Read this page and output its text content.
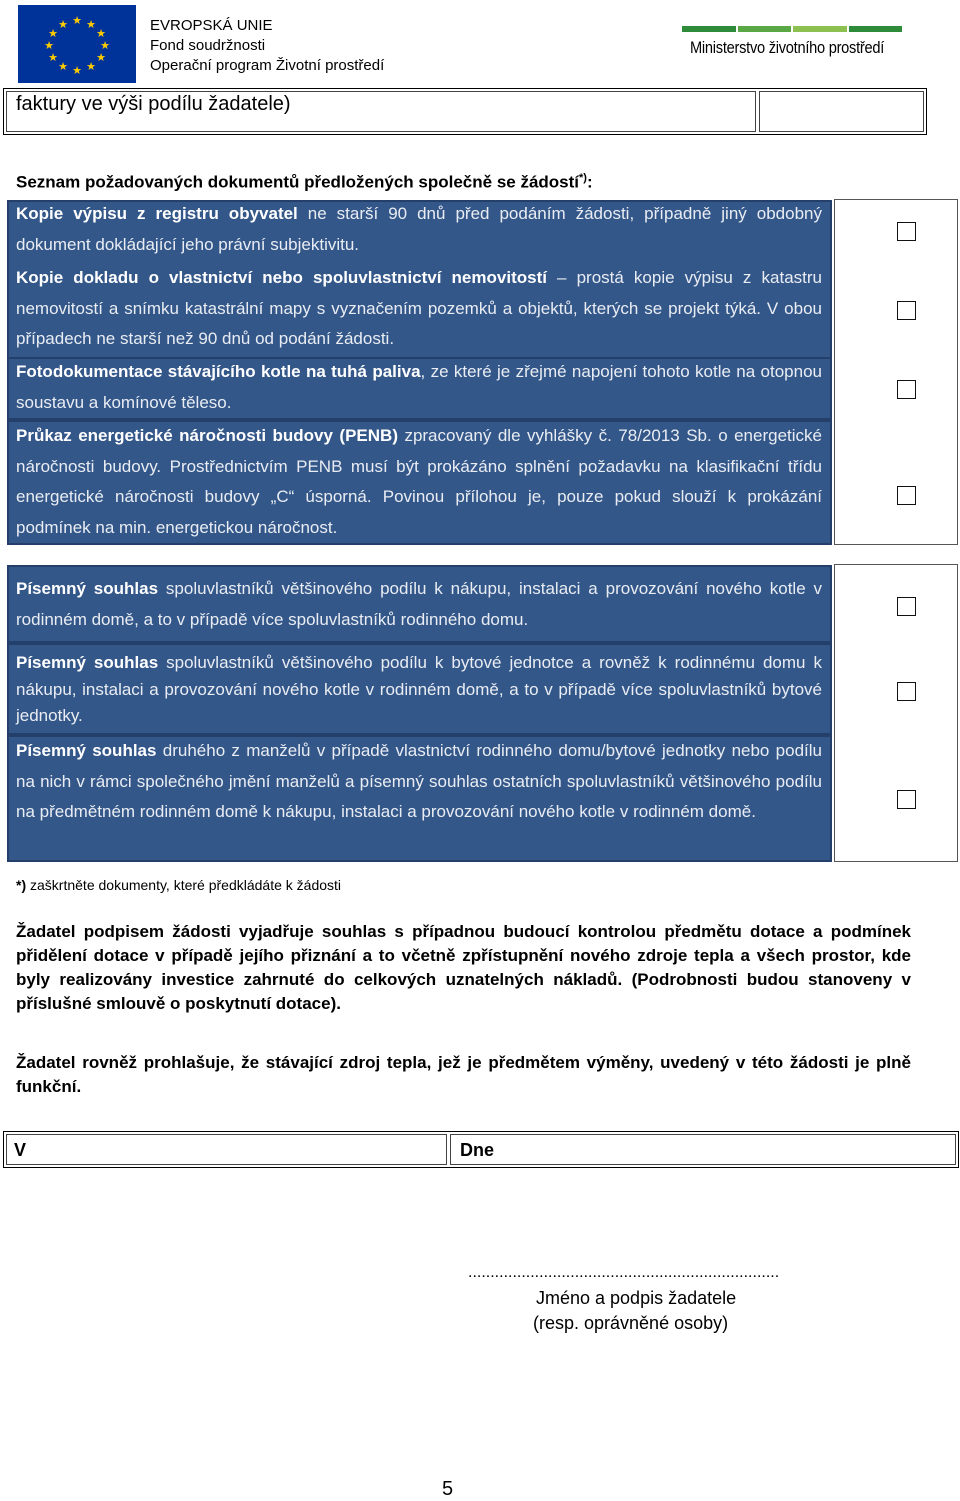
★ ★
★
★
★
★
★
★
★
★
★
★	EVROPSKÁ UNIE
Fond soudržnosti
Operační program Životní prostředí
Ministerstvo životního prostředí
faktury ve výši podílu žadatele)
Seznam požadovaných dokumentů předložených společně se žádostí*):
Kopie výpisu z registru obyvatel ne starší 90 dnů před podáním žádosti, případně jiný obdobný dokument dokládající jeho právní subjektivitu.
Kopie dokladu o vlastnictví nebo spoluvlastnictví nemovitostí – prostá kopie výpisu z katastru nemovitostí a snímku katastrální mapy s vyznačením pozemků a objektů, kterých se projekt týká. V obou případech ne starší než 90 dnů od podání žádosti.
Fotodokumentace stávajícího kotle na tuhá paliva, ze které je zřejmé napojení tohoto kotle na otopnou soustavu a komínové těleso.
Průkaz energetické náročnosti budovy (PENB) zpracovaný dle vyhlášky č. 78/2013 Sb. o energetické náročnosti budovy. Prostřednictvím PENB musí být prokázáno splnění požadavku na klasifikační třídu energetické náročnosti budovy „C“ úsporná. Povinou přílohou je, pouze pokud slouží k prokázání podmínek na min. energetickou náročnost.
Písemný souhlas spoluvlastníků většinového podílu k nákupu, instalaci a provozování nového kotle v rodinném domě, a to v případě více spoluvlastníků rodinného domu.
Písemný souhlas spoluvlastníků většinového podílu k bytové jednotce a rovněž k rodinnému domu k nákupu, instalaci a provozování nového kotle v rodinném domě, a to v případě více spoluvlastníků bytové jednotky.
Písemný souhlas druhého z manželů v případě vlastnictví rodinného domu/bytové jednotky nebo podílu na nich v rámci společného jmění manželů a písemný souhlas ostatních spoluvlastníků většinového podílu na předmětném rodinném domě k nákupu, instalaci a provozování nového kotle v rodinném domě.
*) zaškrtněte dokumenty, které předkládáte k žádosti
Žadatel podpisem žádosti vyjadřuje souhlas s případnou budoucí kontrolou předmětu dotace a podmínek přidělení dotace v případě jejího přiznání a to včetně zpřístupnění nového zdroje tepla a všech prostor, kde byly realizovány investice zahrnuté do celkových uznatelných nákladů. (Podrobnosti budou stanoveny v příslušné smlouvě o poskytnutí dotace).
Žadatel rovněž prohlašuje, že stávající zdroj tepla, jež je předmětem výměny, uvedený v této žádosti je plně funkční.
V	Dne
......................................................................
Jméno a podpis žadatele
(resp. oprávněné osoby)
5
